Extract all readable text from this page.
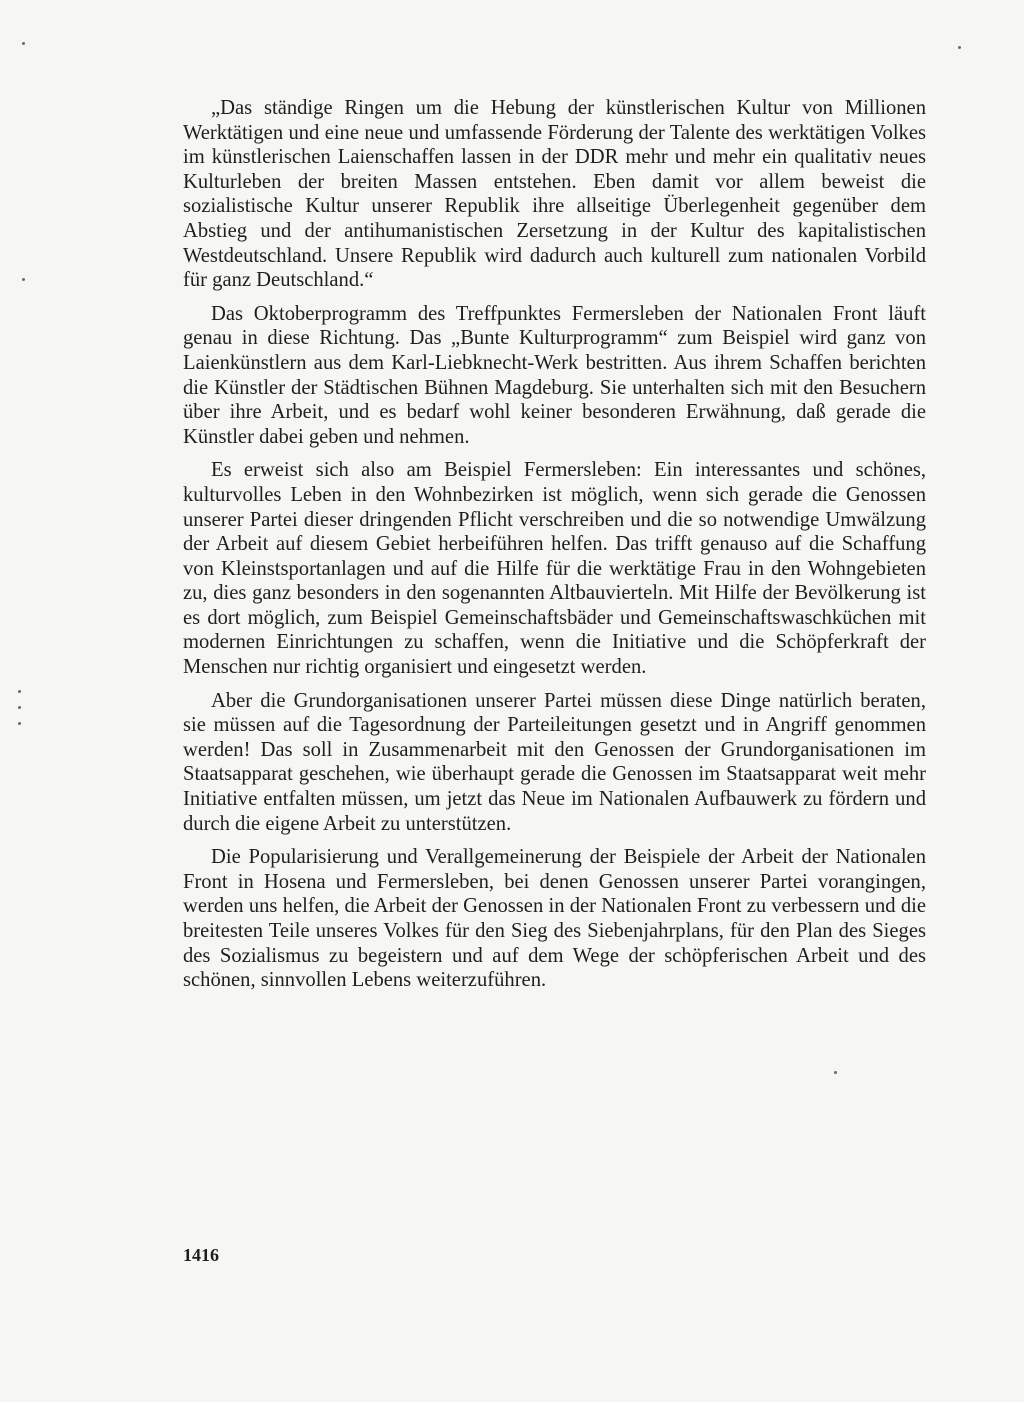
„Das ständige Ringen um die Hebung der künstlerischen Kultur von Millionen Werktätigen und eine neue und umfassende Förderung der Talente des werktätigen Volkes im künstlerischen Laienschaffen lassen in der DDR mehr und mehr ein qualitativ neues Kulturleben der breiten Massen entstehen. Eben damit vor allem beweist die sozialistische Kultur unserer Republik ihre allseitige Überlegenheit gegenüber dem Abstieg und der antihumanistischen Zersetzung in der Kultur des kapitalistischen Westdeutschland. Unsere Republik wird dadurch auch kulturell zum nationalen Vorbild für ganz Deutschland.“

Das Oktoberprogramm des Treffpunktes Fermersleben der Nationalen Front läuft genau in diese Richtung. Das „Bunte Kulturprogramm“ zum Beispiel wird ganz von Laienkünstlern aus dem Karl-Liebknecht-Werk bestritten. Aus ihrem Schaffen berichten die Künstler der Städtischen Bühnen Magdeburg. Sie unterhalten sich mit den Besuchern über ihre Arbeit, und es bedarf wohl keiner besonderen Erwähnung, daß gerade die Künstler dabei geben und nehmen.

Es erweist sich also am Beispiel Fermersleben: Ein interessantes und schönes, kulturvolles Leben in den Wohnbezirken ist möglich, wenn sich gerade die Genossen unserer Partei dieser dringenden Pflicht verschreiben und die so notwendige Umwälzung der Arbeit auf diesem Gebiet herbeiführen helfen. Das trifft genauso auf die Schaffung von Kleinstsportanlagen und auf die Hilfe für die werktätige Frau in den Wohngebieten zu, dies ganz besonders in den sogenannten Altbauvierteln. Mit Hilfe der Bevölkerung ist es dort möglich, zum Beispiel Gemeinschaftsbäder und Gemeinschaftswaschküchen mit modernen Einrichtungen zu schaffen, wenn die Initiative und die Schöpferkraft der Menschen nur richtig organisiert und eingesetzt werden.

Aber die Grundorganisationen unserer Partei müssen diese Dinge natürlich beraten, sie müssen auf die Tagesordnung der Parteileitungen gesetzt und in Angriff genommen werden! Das soll in Zusammenarbeit mit den Genossen der Grundorganisationen im Staatsapparat geschehen, wie überhaupt gerade die Genossen im Staatsapparat weit mehr Initiative entfalten müssen, um jetzt das Neue im Nationalen Aufbauwerk zu fördern und durch die eigene Arbeit zu unterstützen.

Die Popularisierung und Verallgemeinerung der Beispiele der Arbeit der Nationalen Front in Hosena und Fermersleben, bei denen Genossen unserer Partei vorangingen, werden uns helfen, die Arbeit der Genossen in der Nationalen Front zu verbessern und die breitesten Teile unseres Volkes für den Sieg des Siebenjahrplans, für den Plan des Sieges des Sozialismus zu begeistern und auf dem Wege der schöpferischen Arbeit und des schönen, sinnvollen Lebens weiterzuführen.

1416
